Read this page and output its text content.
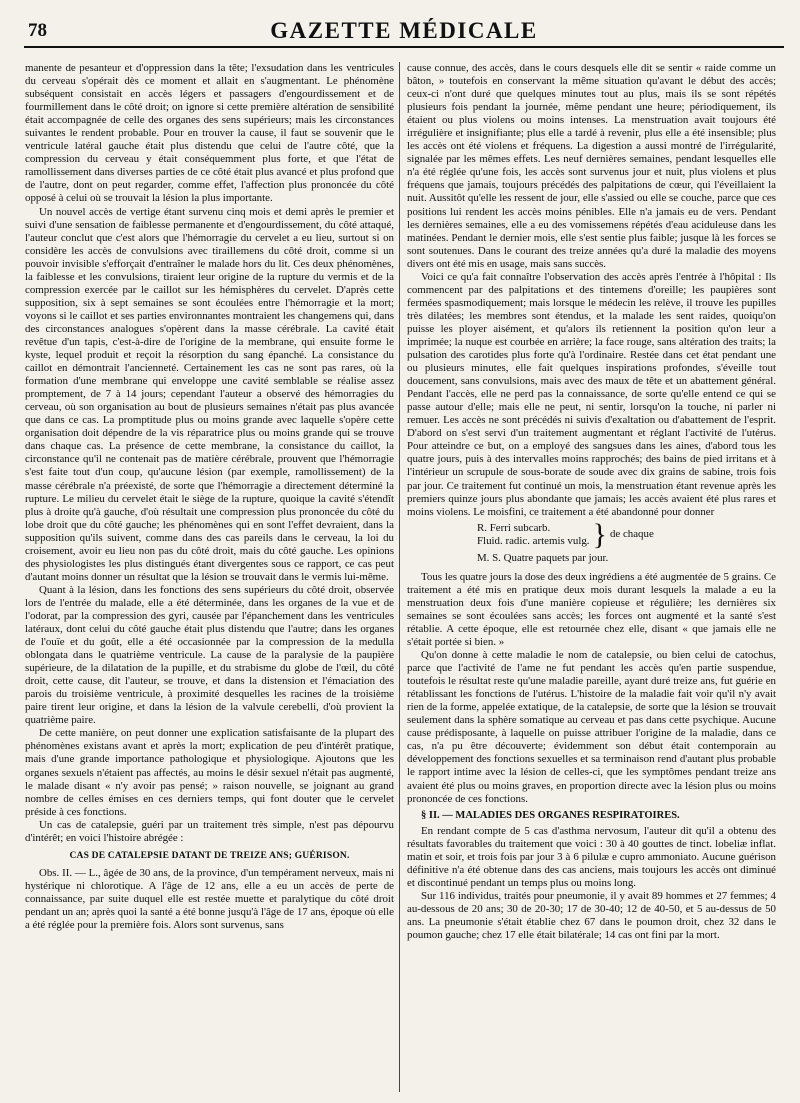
78	GAZETTE MÉDICALE

manente de pesanteur et d'oppression dans la tête; l'exsudation dans les ventricules du cerveau s'opérait dès ce moment et allait en s'augmentant. Le phénomène subséquent consistait en accès légers et passagers d'engourdissement et de fourmillement dans le côté droit; on ignore si cette première altération de sensibilité était accompagnée de celle des organes des sens supérieurs; mais les circonstances suivantes le rendent probable. Pour en trouver la cause, il faut se souvenir que le ventricule latéral gauche était plus distendu que celui de l'autre côté, que la compression du cerveau y était conséquemment plus forte, et que l'état de ramollissement dans diverses parties de ce côté était plus avancé et plus profond que de l'autre, dont on peut regarder, comme effet, l'affection plus prononcée du côté opposé à celui où se trouvait la lésion la plus importante.

Un nouvel accès de vertige étant survenu cinq mois et demi après le premier et suivi d'une sensation de faiblesse permanente et d'engourdissement, du côté attaqué, l'auteur conclut que c'est alors que l'hémorragie du cervelet a eu lieu, surtout si on considère les accès de convulsions avec tiraillemens du côté droit, comme si un pouvoir invisible s'efforçait d'entraîner le malade hors du lit. Ces deux phénomènes, la faiblesse et les convulsions, tiraient leur origine de la rupture du vermis et de la compression exercée par le caillot sur les hémisphères du cervelet. D'après cette supposition, six à sept semaines se sont écoulées entre l'hémorragie et la mort; voyons si le caillot et ses parties environnantes montraient les changemens qui, dans des circonstances analogues s'opèrent dans la masse cérébrale. La cavité était revêtue d'un tapis, c'est-à-dire de l'origine de la membrane, qui ensuite forme le kyste, lequel produit et reçoit la résorption du sang épanché. La consistance du caillot en démontrait l'ancienneté. Certainement les cas ne sont pas rares, où la formation d'une membrane qui enveloppe une cavité semblable se réalise assez promptement, de 7 à 14 jours; cependant l'auteur a observé des hémorragies du cerveau, où son organisation au bout de plusieurs semaines n'était pas plus avancée que dans ce cas. La promptitude plus ou moins grande avec laquelle s'opère cette organisation doit dépendre de la vis réparatrice plus ou moins grande qui se trouve dans chaque cas. La présence de cette membrane, la consistance du caillot, la circonstance qu'il ne contenait pas de matière cérébrale, prouvent que l'hémorragie s'est faite tout d'un coup, qu'aucune lésion (par exemple, ramollissement) de la masse cérébrale n'a préexisté, de sorte que l'hémorragie a directement déterminé la rupture. Le milieu du cervelet était le siège de la rupture, quoique la cavité s'étendît plus à droite qu'à gauche, d'où résultait une compression plus prononcée du côté du lobe droit que du côté gauche; les phénomènes qui en sont l'effet devraient, dans la supposition qu'ils suivent, comme dans des cas pareils dans le cerveau, la loi du croisement, avoir eu lieu non pas du côté droit, mais du côté gauche. Les opinions des physiologistes les plus distingués étant divergentes sous ce rapport, ce cas peut d'autant moins donner un résultat que la lésion se trouvait dans le vermis lui-même.

Quant à la lésion, dans les fonctions des sens supérieurs du côté droit, observée lors de l'entrée du malade, elle a été déterminée, dans les organes de la vue et de l'odorat, par la compression des gyri, causée par l'épanchement dans les ventricules latéraux, dont celui du côté gauche était plus distendu que l'autre; dans les organes de l'ouïe et du goût, elle a été occasionnée par la compression de la medulla oblongata dans le quatrième ventricule. La cause de la paralysie de la paupière supérieure, de la dilatation de la pupille, et du strabisme du globe de l'œil, du côté droit, cette cause, dit l'auteur, se trouve, et dans la distension et l'émaciation des parois du troisième ventricule, à proximité desquelles les racines de la troisième paire tirent leur origine, et dans la lésion de la valvule cerebelli, d'où provient la quatrième paire.

De cette manière, on peut donner une explication satisfaisante de la plupart des phénomènes existans avant et après la mort; explication de peu d'intérêt pratique, mais d'une grande importance pathologique et physiologique. Ajoutons que les organes sexuels n'étaient pas affectés, au moins le désir sexuel n'était pas augmenté, le malade disant « n'y avoir pas pensé; » raison nouvelle, se joignant au grand nombre de celles émises en ces derniers temps, qui font douter que le cervelet préside à ces fonctions.

Un cas de catalepsie, guéri par un traitement très simple, n'est pas dépourvu d'intérêt; en voici l'histoire abrégée :

CAS DE CATALEPSIE DATANT DE TREIZE ANS; GUÉRISON.

Obs. II. — L., âgée de 30 ans, de la province, d'un tempérament nerveux, mais ni hystérique ni chlorotique. A l'âge de 12 ans, elle a eu un accès de perte de connaissance, par suite duquel elle est restée muette et paralytique du côté droit pendant un an; après quoi la santé a été bonne jusqu'à l'âge de 17 ans, époque où elle a été réglée pour la première fois. Alors sont survenus, sans

cause connue, des accès, dans le cours desquels elle dit se sentir « raide comme un bâton, » toutefois en conservant la même situation qu'avant le début des accès; ceux-ci n'ont duré que quelques minutes tout au plus, mais ils se sont répétés plusieurs fois pendant la journée, même pendant une heure; périodiquement, ils étaient ou plus violens ou moins intenses. La menstruation avait toujours été irrégulière et insignifiante; plus elle a tardé à revenir, plus elle a été insensible; plus les accès ont été violens et fréquens. La digestion a aussi montré de l'irrégularité, signalée par les mêmes effets. Les neuf dernières semaines, pendant lesquelles elle n'a été réglée qu'une fois, les accès sont survenus jour et nuit, plus violens et plus fréquens que jamais, toujours précédés des palpitations de cœur, qui l'éveillaient la nuit. Aussitôt qu'elle les ressent de jour, elle s'assied ou elle se couche, parce que ces positions lui rendent les accès moins pénibles. Elle n'a jamais eu de vers. Pendant les dernières semaines, elle a eu des vomissemens répétés d'eau aciduleuse dans les matinées. Pendant le dernier mois, elle s'est sentie plus faible; jusque là les forces se sont soutenues. Dans le courant des treize années qu'a duré la maladie des moyens divers ont été mis en usage, mais sans succès.

Voici ce qu'a fait connaître l'observation des accès après l'entrée à l'hôpital : Ils commencent par des palpitations et des tintemens d'oreille; les paupières sont fermées spasmodiquement; mais lorsque le médecin les relève, il trouve les pupilles très dilatées; les membres sont étendus, et la malade les sent raides, quoiqu'on puisse les ployer aisément, et qu'alors ils retiennent la position qu'on leur a imprimée; la nuque est courbée en arrière; la face rouge, sans altération des traits; la pulsation des carotides plus forte qu'à l'ordinaire. Restée dans cet état pendant une ou plusieurs minutes, elle fait quelques inspirations profondes, s'éveille tout doucement, sans convulsions, mais avec des maux de tête et un abattement général. Pendant l'accès, elle ne perd pas la connaissance, de sorte qu'elle entend ce qui se passe autour d'elle; mais elle ne peut, ni sentir, lorsqu'on la touche, ni parler ni remuer. Les accès ne sont précédés ni suivis d'exaltation ou d'abattement de l'esprit. D'abord on s'est servi d'un traitement augmentant et réglant l'activité de l'utérus. Pour atteindre ce but, on a employé des sangsues dans les aines, d'abord tous les quatre jours, puis à des intervalles moins rapprochés; des bains de pied irritans et à l'intérieur un scrupule de sous-borate de soude avec dix grains de sabine, trois fois par jour. Ce traitement fut continué un mois, la menstruation étant revenue après les premiers quinze jours plus abondante que jamais; les accès avaient été plus rares et moins violens. Le moisfini, ce traitement a été abandonné pour donner

R. Ferri subcarb.
Fluid. radic. artemis vulg. } de chaque
M. S. Quatre paquets par jour.

Tous les quatre jours la dose des deux ingrédiens a été augmentée de 5 grains. Ce traitement a été mis en pratique deux mois durant lesquels la malade a eu la menstruation deux fois d'une manière copieuse et régulière; les dernières six semaines se sont écoulées sans accès; les forces ont augmenté et la santé s'est rétablie. A cette époque, elle est retournée chez elle, disant « que jamais elle ne s'était portée si bien. »

Qu'on donne à cette maladie le nom de catalepsie, ou bien celui de catochus, parce que l'activité de l'ame ne fut pendant les accès qu'en partie suspendue, toutefois le résultat reste qu'une maladie pareille, ayant duré treize ans, fut guérie en rétablissant les fonctions de l'utérus. L'histoire de la maladie fait voir qu'il n'y avait rien de la forme, appelée extatique, de la catalepsie, de sorte que la lésion se trouvait seulement dans la sphère somatique au cerveau et pas dans cette psychique. Aucune cause prédisposante, à laquelle on puisse attribuer l'origine de la maladie, dans ce cas, n'a pu être découverte; évidemment son début était contemporain au développement des fonctions sexuelles et sa terminaison rend d'autant plus probable le rapport intime avec la lésion de celles-ci, que les symptômes pendant treize ans avaient été plus ou moins graves, en proportion directe avec la lésion plus ou moins prononcée de ces fonctions.

§ II. — MALADIES DES ORGANES RESPIRATOIRES.

En rendant compte de 5 cas d'asthma nervosum, l'auteur dit qu'il a obtenu des résultats favorables du traitement que voici : 30 à 40 gouttes de tinct. lobeliæ inflat. matin et soir, et trois fois par jour 3 à 6 pilulæ e cupro ammoniato. Aucune guérison définitive n'a été obtenue dans des cas anciens, mais toujours les accès ont diminué et discontinué pendant un temps plus ou moins long.

Sur 116 individus, traités pour pneumonie, il y avait 89 hommes et 27 femmes; 4 au-dessous de 20 ans; 30 de 20-30; 17 de 30-40; 12 de 40-50, et 5 au-dessus de 50 ans. La pneumonie s'était établie chez 67 dans le poumon droit, chez 32 dans le poumon gauche; chez 17 elle était bilatérale; 14 cas ont fini par la mort.
